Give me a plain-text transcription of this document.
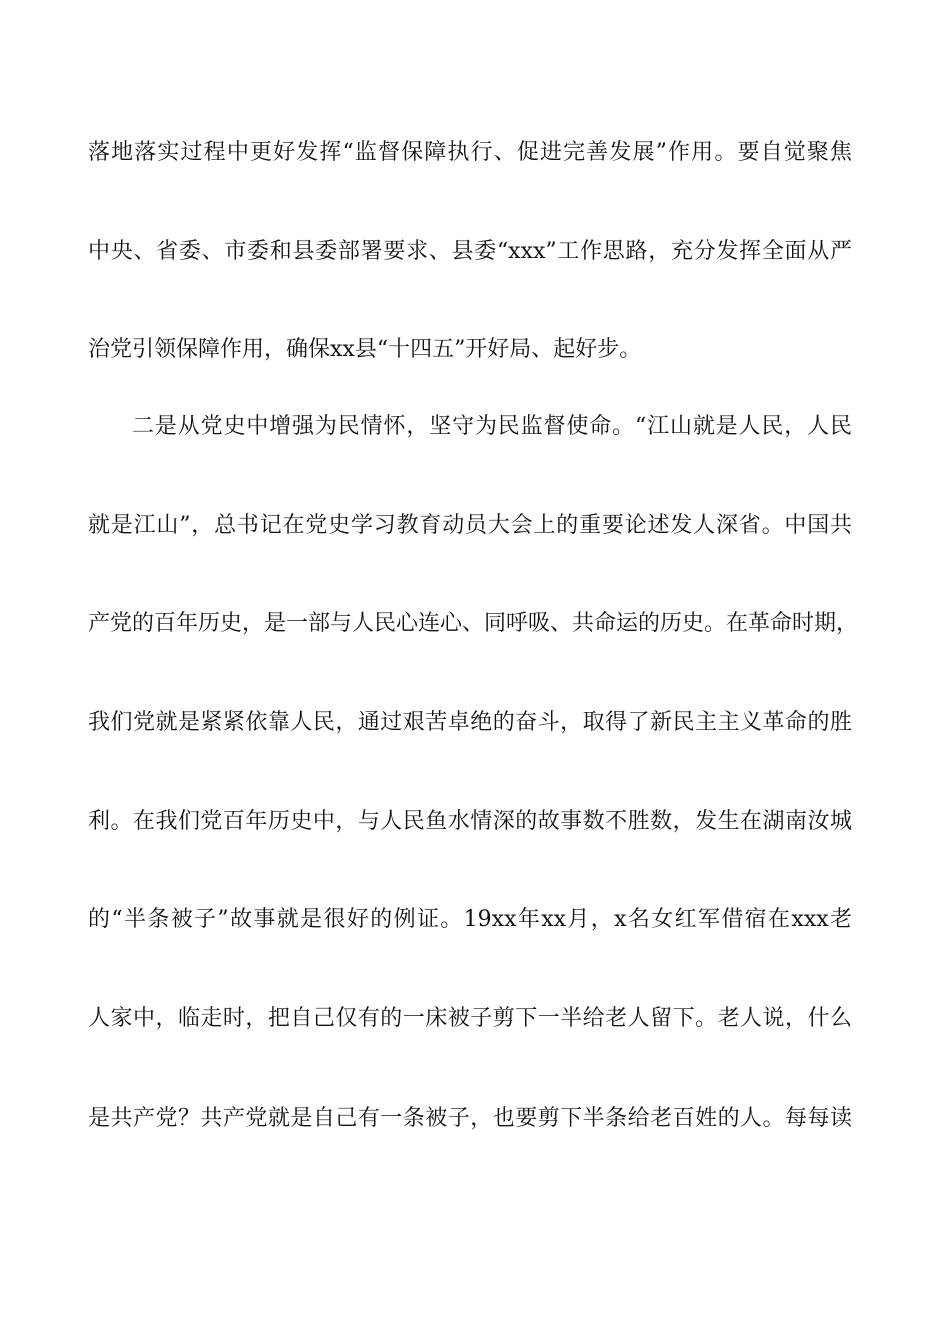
落地落实过程中更好发挥“监督保障执行、促进完善发展”作用。要自觉聚焦
中央、省委、市委和县委部署要求、县委“xxx”工作思路，充分发挥全面从严
治党引领保障作用，确保xx县“十四五”开好局、起好步。
二是从党史中增强为民情怀，坚守为民监督使命。“江山就是人民，人民
就是江山”，总书记在党史学习教育动员大会上的重要论述发人深省。中国共
产党的百年历史，是一部与人民心连心、同呼吸、共命运的历史。在革命时期，
我们党就是紧紧依靠人民，通过艰苦卓绝的奋斗，取得了新民主主义革命的胜
利。在我们党百年历史中，与人民鱼水情深的故事数不胜数，发生在湖南汝城
的“半条被子”故事就是很好的例证。19xx年xx月，x名女红军借宿在xxx老
人家中，临走时，把自己仅有的一床被子剪下一半给老人留下。老人说，什么
是共产党？共产党就是自己有一条被子，也要剪下半条给老百姓的人。每每读
